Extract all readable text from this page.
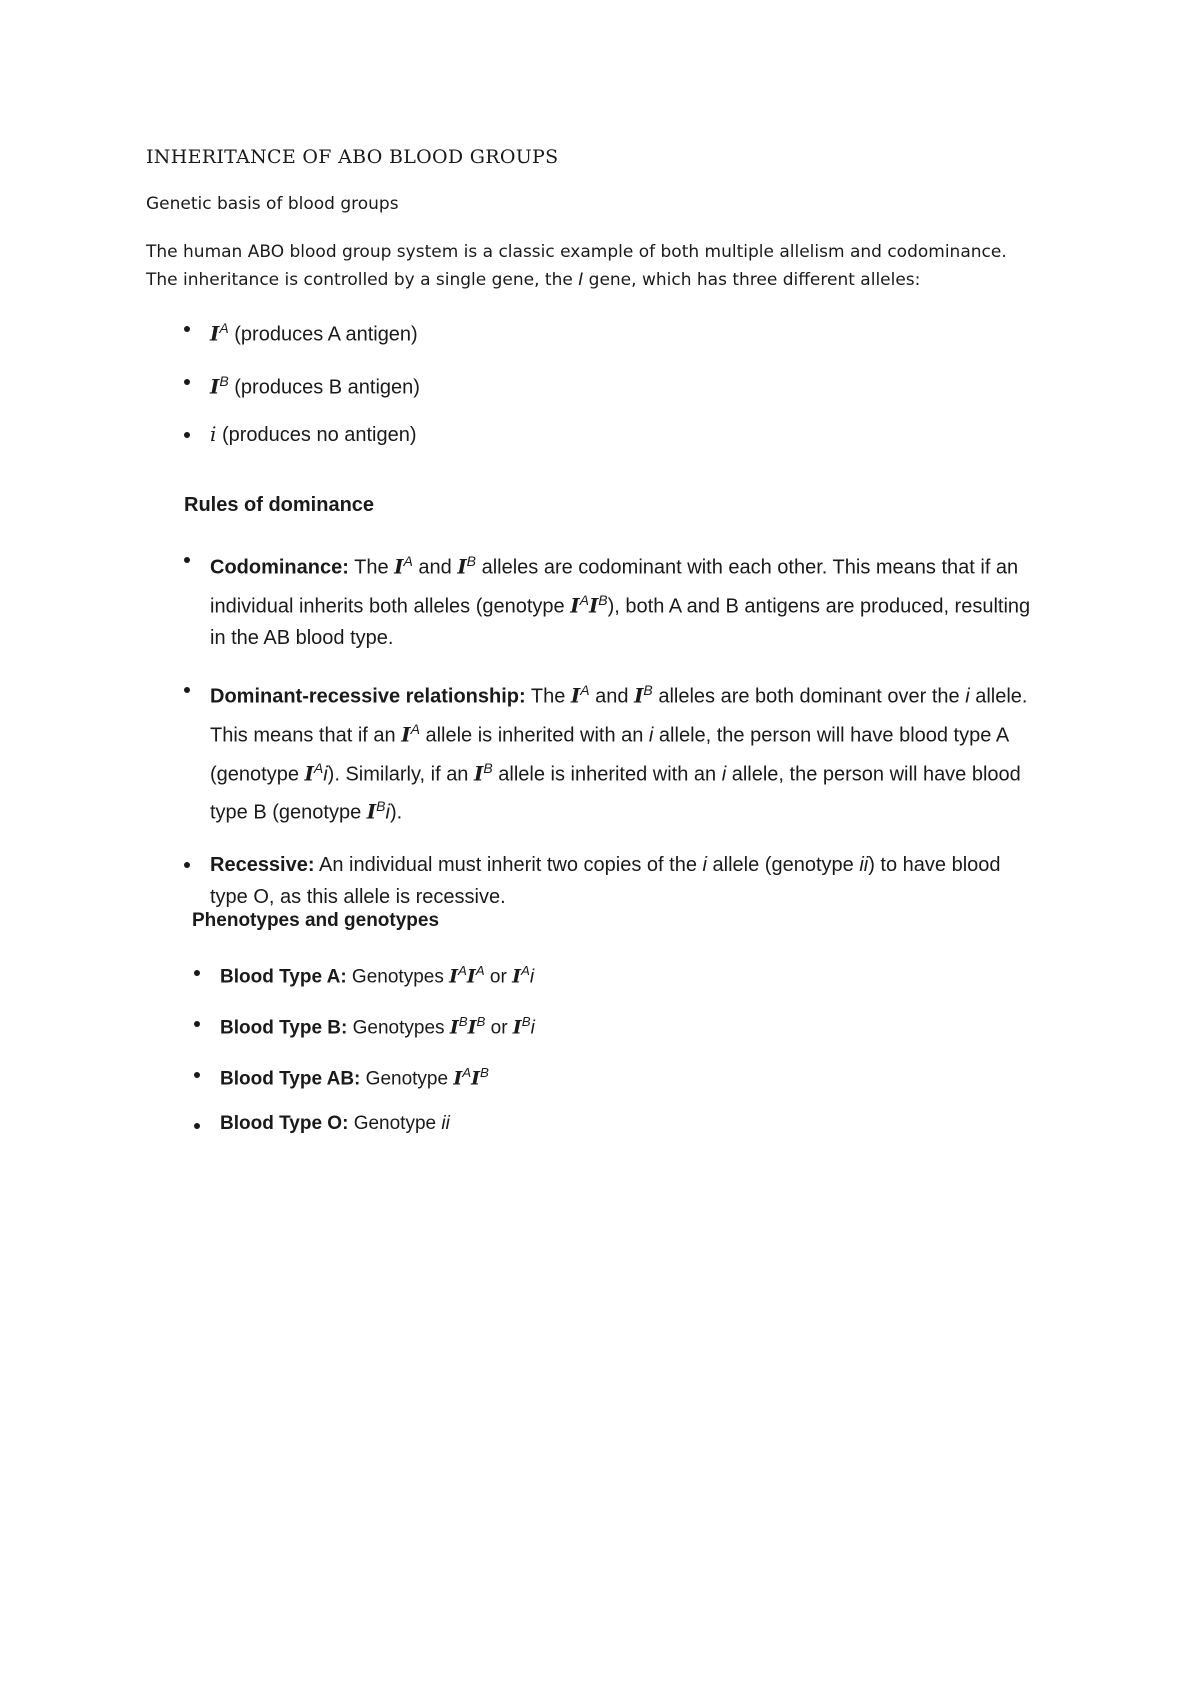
INHERITANCE OF ABO BLOOD GROUPS

Genetic basis of blood groups

The human ABO blood group system is a classic example of both multiple allelism and codominance.
The inheritance is controlled by a single gene, the I gene, which has three different alleles:

$I^A$ (produces A antigen)
$I^B$ (produces B antigen)
i (produces no antigen)
Rules of dominance
Codominance: The $I^A$ and $I^B$ alleles are codominant with each other. This means that if an individual inherits both alleles (genotype $I^AI^B$), both A and B antigens are produced, resulting in the AB blood type.
Dominant-recessive relationship: The $I^A$ and $I^B$ alleles are both dominant over the i allele. This means that if an $I^A$ allele is inherited with an i allele, the person will have blood type A (genotype $I^Ai$). Similarly, if an $I^B$ allele is inherited with an i allele, the person will have blood type B (genotype $I^Bi$).
Recessive: An individual must inherit two copies of the i allele (genotype ii) to have blood type O, as this allele is recessive.
Phenotypes and genotypes
Blood Type A: Genotypes $I^AI^A$ or $I^Ai$
Blood Type B: Genotypes $I^BI^B$ or $I^Bi$
Blood Type AB: Genotype $I^AI^B$
Blood Type O: Genotype ii
